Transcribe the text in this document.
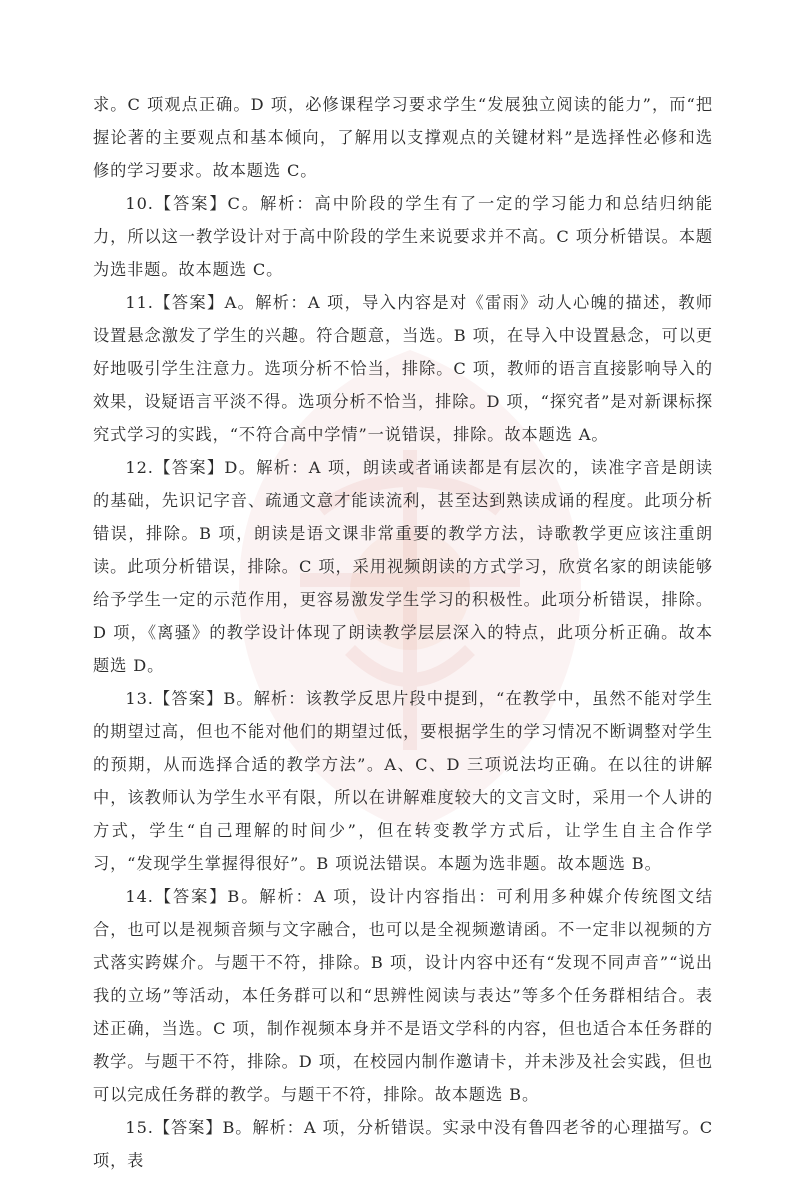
求。C 项观点正确。D 项，必修课程学习要求学生“发展独立阅读的能力”，而“把握论著的主要观点和基本倾向，了解用以支撑观点的关键材料”是选择性必修和选修的学习要求。故本题选 C。

10.【答案】C。解析：高中阶段的学生有了一定的学习能力和总结归纳能力，所以这一教学设计对于高中阶段的学生来说要求并不高。C 项分析错误。本题为选非题。故本题选 C。

11.【答案】A。解析：A 项，导入内容是对《雷雨》动人心魄的描述，教师设置悬念激发了学生的兴趣。符合题意，当选。B 项，在导入中设置悬念，可以更好地吸引学生注意力。选项分析不恰当，排除。C 项，教师的语言直接影响导入的效果，设疑语言平淡不得。选项分析不恰当，排除。D 项，“探究者”是对新课标探究式学习的实践，“不符合高中学情”一说错误，排除。故本题选 A。

12.【答案】D。解析：A 项，朗读或者诵读都是有层次的，读准字音是朗读的基础，先识记字音、疏通文意才能读流利，甚至达到熟读成诵的程度。此项分析错误，排除。B 项，朗读是语文课非常重要的教学方法，诗歌教学更应该注重朗读。此项分析错误，排除。C 项，采用视频朗读的方式学习，欣赏名家的朗读能够给予学生一定的示范作用，更容易激发学生学习的积极性。此项分析错误，排除。D 项，《离骚》的教学设计体现了朗读教学层层深入的特点，此项分析正确。故本题选 D。

13.【答案】B。解析：该教学反思片段中提到，“在教学中，虽然不能对学生的期望过高，但也不能对他们的期望过低，要根据学生的学习情况不断调整对学生的预期，从而选择合适的教学方法”。A、C、D 三项说法均正确。在以往的讲解中，该教师认为学生水平有限，所以在讲解难度较大的文言文时，采用一个人讲的方式，学生“自己理解的时间少”，但在转变教学方式后，让学生自主合作学习，“发现学生掌握得很好”。B 项说法错误。本题为选非题。故本题选 B。

14.【答案】B。解析：A 项，设计内容指出：可利用多种媒介传统图文结合，也可以是视频音频与文字融合，也可以是全视频邀请函。不一定非以视频的方式落实跨媒介。与题干不符，排除。B 项，设计内容中还有“发现不同声音”“说出我的立场”等活动，本任务群可以和“思辨性阅读与表达”等多个任务群相结合。表述正确，当选。C 项，制作视频本身并不是语文学科的内容，但也适合本任务群的教学。与题干不符，排除。D 项，在校园内制作邀请卡，并未涉及社会实践，但也可以完成任务群的教学。与题干不符，排除。故本题选 B。

15.【答案】B。解析：A 项，分析错误。实录中没有鲁四老爷的心理描写。C 项，表
